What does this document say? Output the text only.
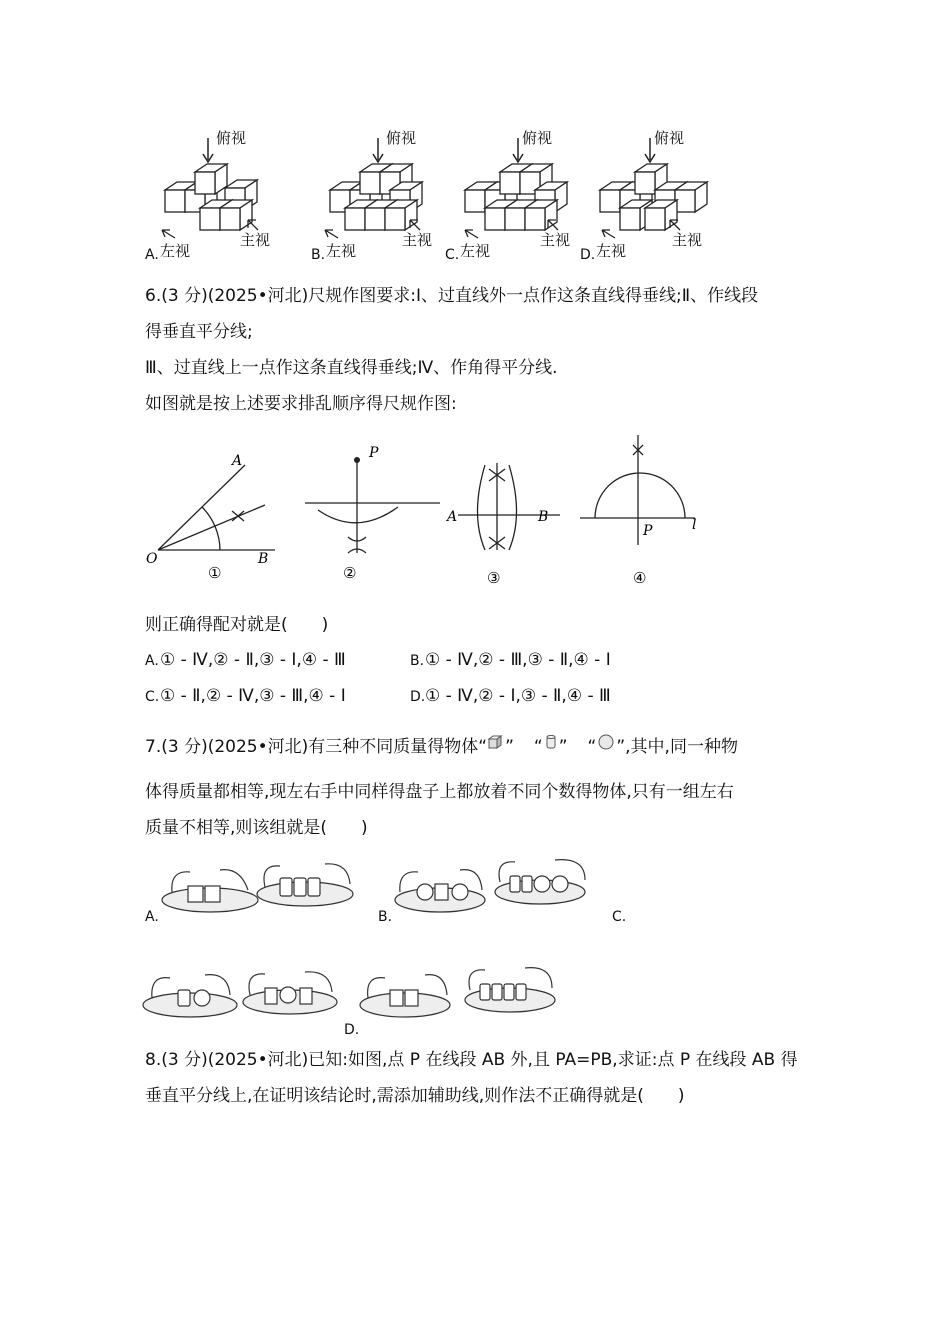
俯视	俯视	俯视	俯视
主视	主视	主视	主视
A. 左视	B. 左视	C. 左视	D. 左视
6.(3 分)(2025•河北)尺规作图要求:Ⅰ、过直线外一点作这条直线得垂线;Ⅱ、作线段
得垂直平分线;
Ⅲ、过直线上一点作这条直线得垂线;Ⅳ、作角得平分线.
如图就是按上述要求排乱顺序得尺规作图:
A
O	B
①
P
②
A	B
③
P	l
④
则正确得配对就是(　　)
A. ① - Ⅳ,② - Ⅱ,③ - Ⅰ,④ - Ⅲ	B. ① - Ⅳ,② - Ⅲ,③ - Ⅱ,④ - Ⅰ
C. ① - Ⅱ,② - Ⅳ,③ - Ⅲ,④ - Ⅰ	D. ① - Ⅳ,② - Ⅰ,③ - Ⅱ,④ - Ⅲ
7.(3 分)(2025•河北)有三种不同质量得物体“ ” “ ” “ ”,其中,同一种物
体得质量都相等,现左右手中同样得盘子上都放着不同个数得物体,只有一组左右
质量不相等,则该组就是(　　)
A.	B.	C.
D.
8.(3 分)(2025•河北)已知:如图,点 P 在线段 AB 外,且 PA=PB,求证:点 P 在线段 AB 得
垂直平分线上,在证明该结论时,需添加辅助线,则作法不正确得就是(　　)
